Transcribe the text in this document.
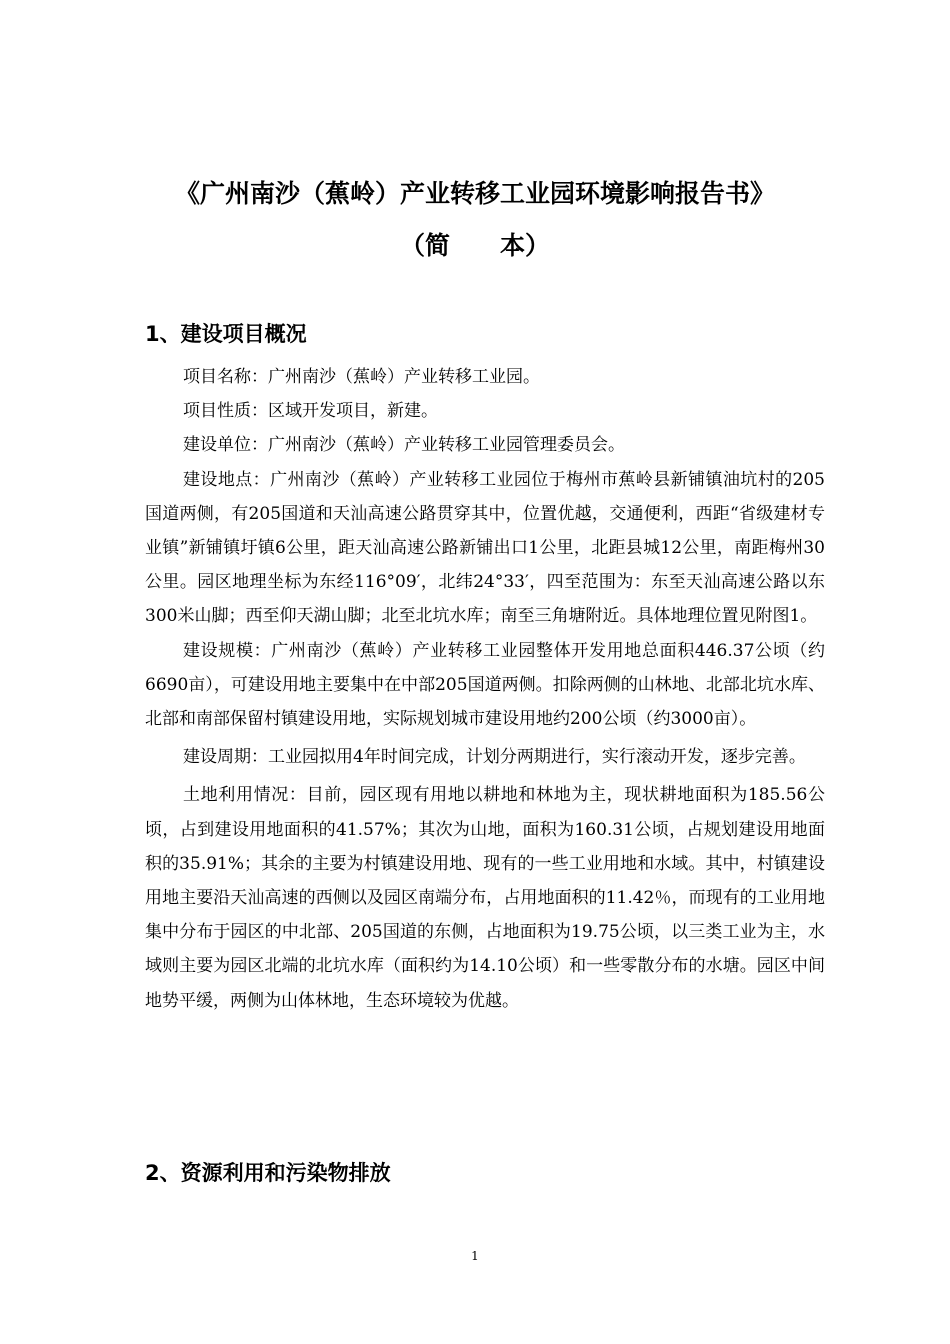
《广州南沙（蕉岭）产业转移工业园环境影响报告书》
（简　　本）
1、建设项目概况

项目名称：广州南沙（蕉岭）产业转移工业园。

项目性质：区域开发项目，新建。

建设单位：广州南沙（蕉岭）产业转移工业园管理委员会。

建设地点：广州南沙（蕉岭）产业转移工业园位于梅州市蕉岭县新铺镇油坑村的205国道两侧，有205国道和天汕高速公路贯穿其中，位置优越，交通便利，西距“省级建材专业镇”新铺镇圩镇6公里，距天汕高速公路新铺出口1公里，北距县城12公里，南距梅州30公里。园区地理坐标为东经116°09′，北纬24°33′，四至范围为：东至天汕高速公路以东300米山脚；西至仰天湖山脚；北至北坑水库；南至三角塘附近。具体地理位置见附图1。

建设规模：广州南沙（蕉岭）产业转移工业园整体开发用地总面积446.37公顷（约6690亩），可建设用地主要集中在中部205国道两侧。扣除两侧的山林地、北部北坑水库、北部和南部保留村镇建设用地，实际规划城市建设用地约200公顷（约3000亩）。

建设周期：工业园拟用4年时间完成，计划分两期进行，实行滚动开发，逐步完善。

土地利用情况：目前，园区现有用地以耕地和林地为主，现状耕地面积为185.56公顷，占到建设用地面积的41.57%；其次为山地，面积为160.31公顷，占规划建设用地面积的35.91%；其余的主要为村镇建设用地、现有的一些工业用地和水域。其中，村镇建设用地主要沿天汕高速的西侧以及园区南端分布，占用地面积的11.42％，而现有的工业用地集中分布于园区的中北部、205国道的东侧，占地面积为19.75公顷，以三类工业为主，水域则主要为园区北端的北坑水库（面积约为14.10公顷）和一些零散分布的水塘。园区中间地势平缓，两侧为山体林地，生态环境较为优越。

2、资源利用和污染物排放
1
